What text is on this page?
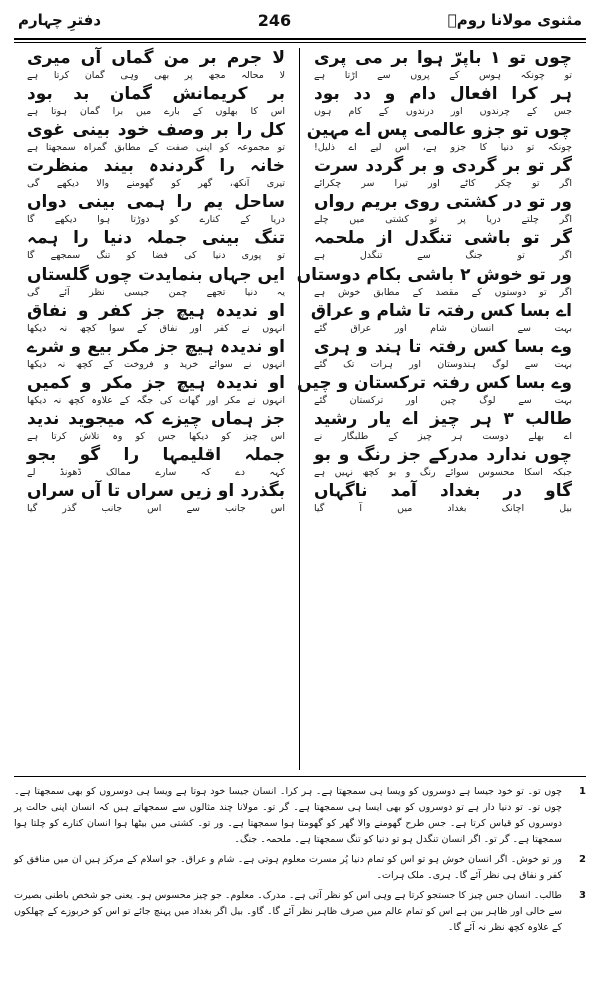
مثنوی مولانا رومؒ
246
دفترِ چہارم
چوں تو ۱ باپرّ ہوا بر می پری
تو چونکہ ہوس کے پروں سے اڑتا ہے
ہر کرا افعال دام و دد بود
جس کے چرندوں اور درندوں کے کام ہوں
چوں تو جزو عالمی پس اے مہین
چونکہ تو دنیا کا جزو ہے، اس لیے اے ذلیل!
گر تو بر گردی و بر گردد سرت
اگر تو چکر کاٹے اور تیرا سر چکرائے
ور تو در کشتی روی بریم رواں
اگر چلتے دریا پر تو کشتی میں چلے
گر تو باشی تنگدل از ملحمہ
اگر تو جنگ سے تنگدل ہے
ور تو خوش ۲ باشی بکام دوستاں
اگر تو دوستوں کے مقصد کے مطابق خوش ہے
اے بسا کس رفتہ تا شام و عراق
بہت سے انسان شام اور عراق گئے
وے بسا کس رفتہ تا ہند و ہری
بہت سے لوگ ہندوستان اور ہرات تک گئے
وے بسا کس رفتہ ترکستان و چیں
بہت سے لوگ چین اور ترکستان گئے
طالب ۳ ہر چیز اے یار رشید
اے بھلے دوست ہر چیز کے طلبگار نے
چوں ندارد مدرکے جز رنگ و بو
جبکہ اسکا محسوس سوائے رنگ و بو کچھ نہیں ہے
گاو در بغداد آمد ناگہاں
بیل اچانک بغداد میں آ گیا
لا جرم بر من گماں آں میری
لا محالہ مجھ پر بھی وہی گمان کرتا ہے
بر کریمانش گمان بد بود
اس کا بھلوں کے بارے میں برا گمان ہوتا ہے
کل را بر وصف خود بینی غوی
تو مجموعہ کو اپنی صفت کے مطابق گمراہ سمجھتا ہے
خانہ را گردندہ بیند منظرت
تیری آنکھ، گھر کو گھومنے والا دیکھے گی
ساحل یم را ہمی بینی دواں
دریا کے کنارے کو دوڑتا ہوا دیکھے گا
تنگ بینی جملہ دنیا را ہمہ
تو پوری دنیا کی فضا کو تنگ سمجھے گا
ایں جہاں بنمایدت چوں گلستاں
یہ دنیا تجھے چمن جیسی نظر آئے گی
او ندیدہ ہیچ جز کفر و نفاق
انہوں نے کفر اور نفاق کے سوا کچھ نہ دیکھا
او ندیدہ ہیچ جز مکر بیع و شرے
انہوں نے سوائے خرید و فروخت کے کچھ نہ دیکھا
او ندیدہ ہیچ جز مکر و کمیں
انہوں نے مکر اور گھات کی جگہ کے علاوہ کچھ نہ دیکھا
جز ہماں چیزے کہ میجوید ندید
اس چیز کو دیکھا جس کو وہ تلاش کرتا ہے
جملہ اقلیمہا را گو بجو
کہہ دے کہ سارے ممالک ڈھونڈ لے
بگذرد او زیں سراں تا آں سراں
اس جانب سے اس جانب گذر گیا
1
چوں تو۔ تو خود جیسا ہے دوسروں کو ویسا ہی سمجھتا ہے۔ ہر کرا۔ انسان جیسا خود ہوتا ہے ویسا ہی دوسروں کو بھی سمجھتا ہے۔ چوں تو۔ تو دنیا دار ہے تو دوسروں کو بھی ایسا ہی سمجھتا ہے۔ گر تو۔ مولانا چند مثالوں سے سمجھاتے ہیں کہ انسان اپنی حالت پر دوسروں کو قیاس کرتا ہے۔ جس طرح گھومنے والا گھر کو گھومتا ہوا سمجھتا ہے۔ ور تو۔ کشتی میں بیٹھا ہوا انسان کنارے کو چلتا ہوا سمجھتا ہے۔ گر تو۔ اگر انسان تنگدل ہو تو دنیا کو تنگ سمجھتا ہے۔ ملحمہ۔ جنگ۔
2
ور تو خوش۔ اگر انسان خوش ہو تو اس کو تمام دنیا پُر مسرت معلوم ہوتی ہے۔ شام و عراق۔ جو اسلام کے مرکز ہیں ان میں منافق کو کفر و نفاق ہی نظر آئے گا۔ ہری۔ ملک ہرات۔
3
طالب۔ انسان جس چیز کا جستجو کرتا ہے وہی اس کو نظر آتی ہے۔ مدرک۔ معلوم۔ جو چیز محسوس ہو۔ یعنی جو شخص باطنی بصیرت سے خالی اور ظاہر بین ہے اس کو تمام عالم میں صرف ظاہر نظر آئے گا۔ گاو۔ بیل اگر بغداد میں پہنچ جائے تو اس کو خربوزے کے چھلکوں کے علاوہ کچھ نظر نہ آئے گا۔
